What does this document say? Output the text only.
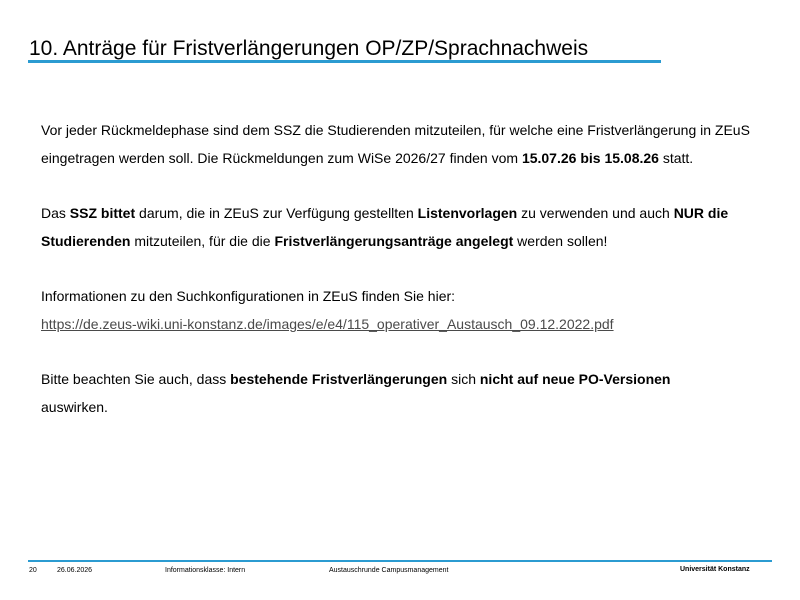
10. Anträge für Fristverlängerungen OP/ZP/Sprachnachweis

Vor jeder Rückmeldephase sind dem SSZ die Studierenden mitzuteilen, für welche eine Fristverlängerung in ZEuS eingetragen werden soll. Die Rückmeldungen zum WiSe 2026/27 finden vom 15.07.26 bis 15.08.26 statt.

Das SSZ bittet darum, die in ZEuS zur Verfügung gestellten Listenvorlagen zu verwenden und auch NUR die Studierenden mitzuteilen, für die die Fristverlängerungsanträge angelegt werden sollen!

Informationen zu den Suchkonfigurationen in ZEuS finden Sie hier:
https://de.zeus-wiki.uni-konstanz.de/images/e/e4/115_operativer_Austausch_09.12.2022.pdf

Bitte beachten Sie auch, dass bestehende Fristverlängerungen sich nicht auf neue PO-Versionen
auswirken.

20	26.06.2026	Informationsklasse: Intern	Austauschrunde Campusmanagement	Universität Konstanz
